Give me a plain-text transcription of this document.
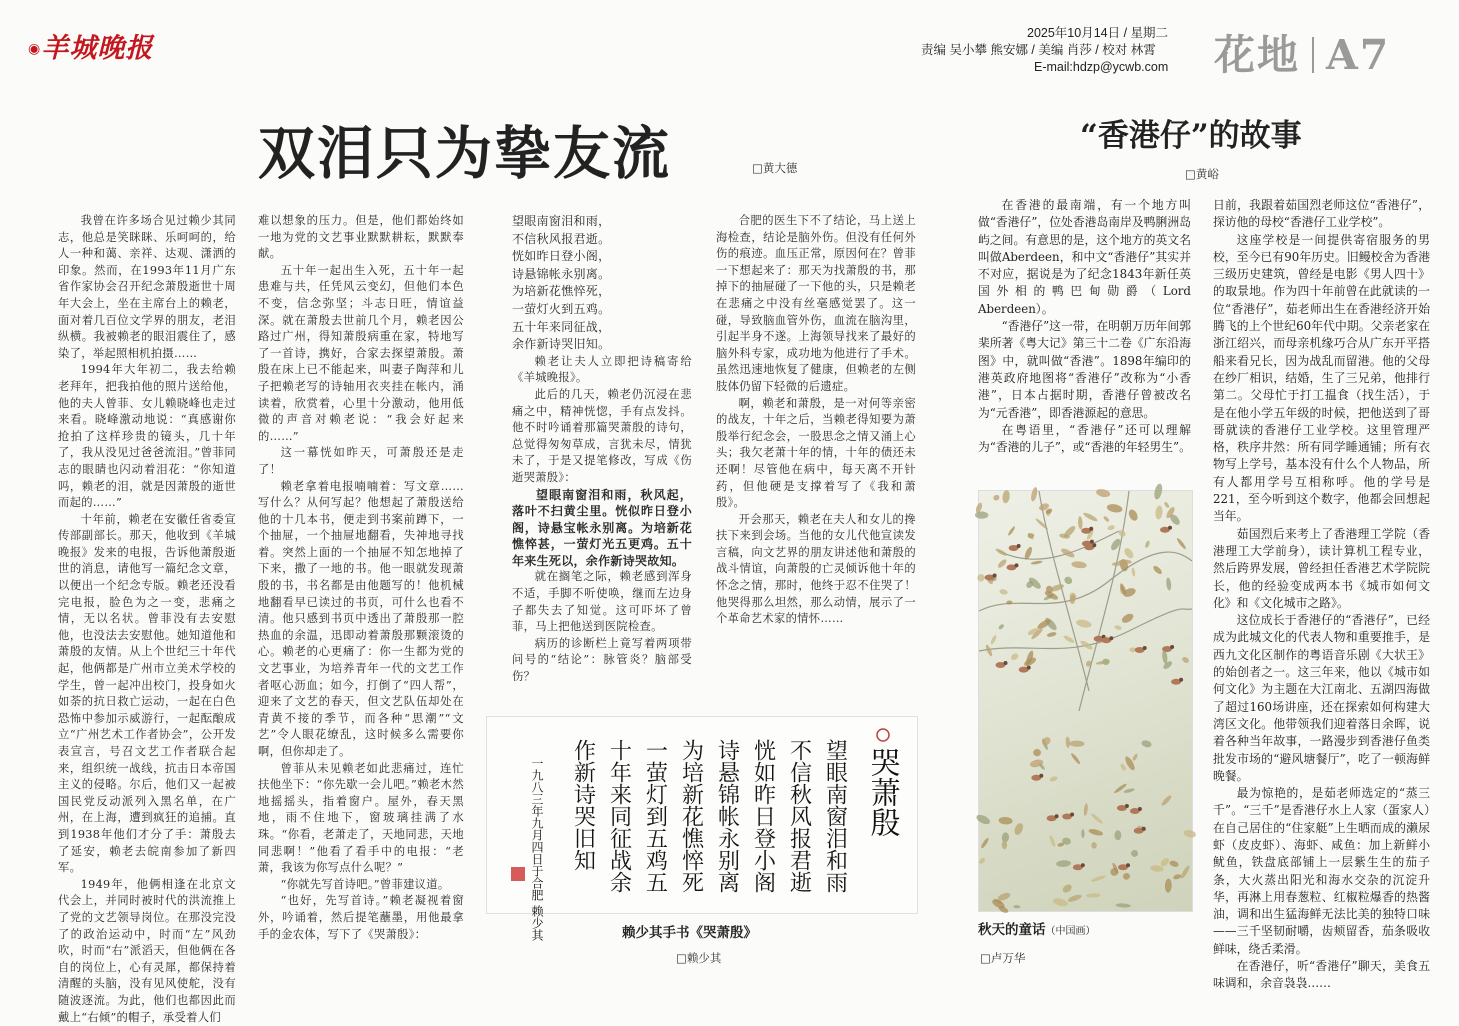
◉羊城晚报	2025年10月14日 / 星期二
责编 吴小攀 熊安娜 / 美编 肖莎 / 校对 林霄
E-mail:hdzp@ycwb.com 花地 A7
双泪只为挚友流	□黄大德

我曾在许多场合见过赖少其同志，他总是笑眯眯、乐呵呵的，给人一种和蔼、亲祥、达观、潇洒的印象。然而，在1993年11月广东省作家协会召开纪念萧殷逝世十周年大会上，坐在主席台上的赖老，面对着几百位文学界的朋友，老泪纵横。我被赖老的眼泪震住了，感染了，举起照相机拍摄……

1994年大年初二，我去给赖老拜年，把我拍他的照片送给他，他的夫人曾菲、女儿赖晓峰也走过来看。晓峰激动地说：“真感谢你抢拍了这样珍贵的镜头，几十年了，我从没见过爸爸流泪。”曾菲同志的眼睛也闪动着泪花：“你知道吗，赖老的泪，就是因萧殷的逝世而起的……”

十年前，赖老在安徽任省委宣传部副部长。那天，他收到《羊城晚报》发来的电报，告诉他萧殷逝世的消息，请他写一篇纪念文章，以便出一个纪念专版。赖老还没看完电报，脸色为之一变，悲痛之情，无以名状。曾菲没有去安慰他，也没法去安慰他。她知道他和萧殷的友情。从上个世纪三十年代起，他俩都是广州市立美术学校的学生，曾一起冲出校门，投身如火如荼的抗日救亡运动，一起在白色恐怖中参加示威游行，一起酝酿成立“广州艺术工作者协会”，公开发表宣言，号召文艺工作者联合起来，组织统一战线，抗击日本帝国主义的侵略。尔后，他们又一起被国民党反动派列入黑名单，在广州，在上海，遭到疯狂的追捕。直到1938年他们才分了手：萧殷去了延安，赖老去皖南参加了新四军。

1949年，他俩相逢在北京文代会上，并同时被时代的洪流推上了党的文艺领导岗位。在那没完没了的政治运动中，时而“左”风劲吹，时而“右”派滔天，但他俩在各自的岗位上，心有灵犀，都保持着清醒的头脑，没有见风使舵，没有随波逐流。为此，他们也都因此而戴上“右倾”的帽子，承受着人们

难以想象的压力。但是，他们都始终如一地为党的文艺事业默默耕耘，默默奉献。

五十年一起出生入死，五十年一起患难与共，任凭风云变幻，但他们本色不变，信念弥坚；斗志日旺，情谊益深。就在萧殷去世前几个月，赖老因公路过广州，得知萧殷病重在家，特地写了一首诗，携好，合家去探望萧殷。萧殷在床上已不能起来，叫妻子陶萍和儿子把赖老写的诗轴用衣夹挂在帐内，涌读着，欣赏着，心里十分激动，他用低微的声音对赖老说：“我会好起来的……”

这一幕恍如昨天，可萧殷还是走了！

赖老拿着电报喃喃着：写文章……写什么？从何写起？他想起了萧殷送给他的十几本书，便走到书案前蹲下，一个抽屉，一个抽屉地翻看，失神地寻找着。突然上面的一个抽屉不知怎地掉了下来，撒了一地的书。他一眼就发现萧殷的书，书名都是由他题写的！他机械地翻看早已读过的书页，可什么也看不清。他只感到书页中透出了萧殷那一腔热血的余温，迅即动着萧殷那颗滚烫的心。赖老的心更痛了：你一生都为党的文艺事业，为培养青年一代的文艺工作者呕心沥血；如今，打倒了“四人帮”，迎来了文艺的春天，但文艺队伍却处在青黄不接的季节，而各种“思潮”“文艺”令人眼花缭乱，这时候多么需要你啊，但你却走了。

曾菲从未见赖老如此悲痛过，连忙扶他坐下：“你先歇一会儿吧。”赖老木然地摇摇头，指着窗户。屋外，春天黑地，雨不住地下，窗玻璃挂满了水珠。“你看，老萧走了，天地同悲，天地同悲啊！”他看了看手中的电报：“老萧，我该为你写点什么呢？”

“你就先写首诗吧。”曾菲建议道。

“也好，先写首诗。”赖老凝视着窗外，吟诵着，然后提笔蘸墨，用他最拿手的金农体，写下了《哭萧殷》：

望眼南窗泪和雨，

不信秋风报君逝。

恍如昨日登小阁，

诗悬锦帐永别离。

为培新花憔悴死，

一萤灯火到五鸡。

五十年来同征战，

余作新诗哭旧知。

赖老让夫人立即把诗稿寄给《羊城晚报》。

此后的几天，赖老仍沉浸在悲痛之中，精神恍惚，手有点发抖。他不时吟诵着那篇哭萧殷的诗句，总觉得匆匆草成，言犹未尽，情犹未了，于是又提笔修改，写成《伤逝哭萧殷》：

望眼南窗泪和雨，秋风起，落叶不扫黄尘里。恍似昨日登小阁，诗悬宝帐永别离。为培新花憔悴甚，一萤灯光五更鸡。五十年来生死以，余作新诗哭故知。

就在搁笔之际，赖老感到浑身不适，手脚不听使唤，继而左边身子都失去了知觉。这可吓坏了曾菲，马上把他送到医院检查。

病历的诊断栏上竟写着两项带问号的“结论”：脉管炎？脑部受伤？

合肥的医生下不了结论，马上送上海检查，结论是脑外伤。但没有任何外伤的痕迹。血压正常，原因何在？曾菲一下想起来了：那天为找萧殷的书，那掉下的抽屉碰了一下他的头，只是赖老在悲痛之中没有丝毫感觉罢了。这一碰，导致脑血管外伤，血流在脑沟里，引起半身不遂。上海领导找来了最好的脑外科专家，成功地为他进行了手术。虽然迅速地恢复了健康，但赖老的左侧肢体仍留下轻微的后遗症。

啊，赖老和萧殷，是一对何等亲密的战友，十年之后，当赖老得知要为萧殷举行纪念会，一股思念之情又涌上心头；我欠老萧十年的情，十年的债还未还啊！尽管他在病中，每天离不开针药，但他硬是支撑着写了《我和萧殷》。

开会那天，赖老在夫人和女儿的搀扶下来到会场。当他的女儿代他宣读发言稿，向文艺界的朋友讲述他和萧殷的战斗情谊，向萧殷的亡灵倾诉他十年的怀念之情，那时，他终于忍不住哭了！他哭得那么坦然，那么动情，展示了一个革命艺术家的情怀……

哭萧殷
望眼南窗泪和雨
不信秋风报君逝
恍如昨日登小阁
诗悬锦帐永别离
为培新花憔悴死
一萤灯到五鸡五
十年来同征战余
作新诗哭旧知
一九八三年九月四日于合肥 赖少其	赖少其手书《哭萧殷》
□赖少其
“香港仔”的故事
□黄峪

在香港的最南端，有一个地方叫做“香港仔”，位处香港岛南岸及鸭脷洲岛屿之间。有意思的是，这个地方的英文名叫做Aberdeen，和中文“香港仔”其实并不对应，据说是为了纪念1843年新任英国外相的鸭巴甸勋爵（Lord Aberdeen）。

“香港仔”这一带，在明朝万历年间郭棐所著《粤大记》第三十二卷《广东沿海图》中，就叫做“香港”。1898年编印的港英政府地图将“香港仔”改称为“小香港”，日本占据时期，香港仔曾被改名为“元香港”，即香港源起的意思。

在粤语里，“香港仔”还可以理解为“香港的儿子”，或“香港的年轻男生”。

日前，我跟着茹国烈老师这位“香港仔”，探访他的母校“香港仔工业学校”。

这座学校是一间提供寄宿服务的男校，至今已有90年历史。旧鳗校舍为香港三级历史建筑，曾经是电影《男人四十》的取景地。作为四十年前曾在此就读的一位“香港仔”，茹老师出生在香港经济开始腾飞的上个世纪60年代中期。父亲老家在浙江绍兴，而母亲机缘巧合从广东开平搭船来看兄长，因为战乱而留港。他的父母在纱厂相识，结婚，生了三兄弟，他排行第二。父母忙于打工揾食（找生活），于是在他小学五年级的时候，把他送到了哥哥就读的香港仔工业学校。这里管理严格，秩序井然：所有同学睡通铺；所有衣物写上学号，基本没有什么个人物品，所有人都用学号互相称呼。他的学号是221，至今听到这个数字，他都会回想起当年。

茹国烈后来考上了香港理工学院（香港理工大学前身），读计算机工程专业，然后跨界发展，曾经担任香港艺术学院院长，他的经验变成两本书《城市如何文化》和《文化城市之路》。

这位成长于香港仔的“香港仔”，已经成为此城文化的代表人物和重要推手，是西九文化区制作的粤语音乐剧《大状王》的始创者之一。这三年来，他以《城市如何文化》为主题在大江南北、五湖四海做了超过160场讲座，还在探索如何构建大湾区文化。他带领我们迎着落日余晖，说着各种当年故事，一路漫步到香港仔鱼类批发市场的“避风塘餐厅”，吃了一顿海鲜晚餐。

最为惊艳的，是茹老师选定的“蒸三千”。“三千”是香港仔水上人家（蛋家人）在自己居住的“住家艇”上生晒而成的濑尿虾（皮皮虾）、海虾、咸鱼：加上新鲜小鱿鱼，铁盘底部铺上一层紫生生的茄子条，大火蒸出阳光和海水交杂的沉淀升华，再淋上用春葱粒、红椒粒爆香的热酱油，调和出生猛海鲜无法比美的独特口味——三千坚韧耐嚼，齿颊留香，茄条吸收鲜味，绕舌柔滑。

在香港仔，听“香港仔”聊天，美食五味调和，余音袅袅……

秋天的童话（中国画）
□卢万华
